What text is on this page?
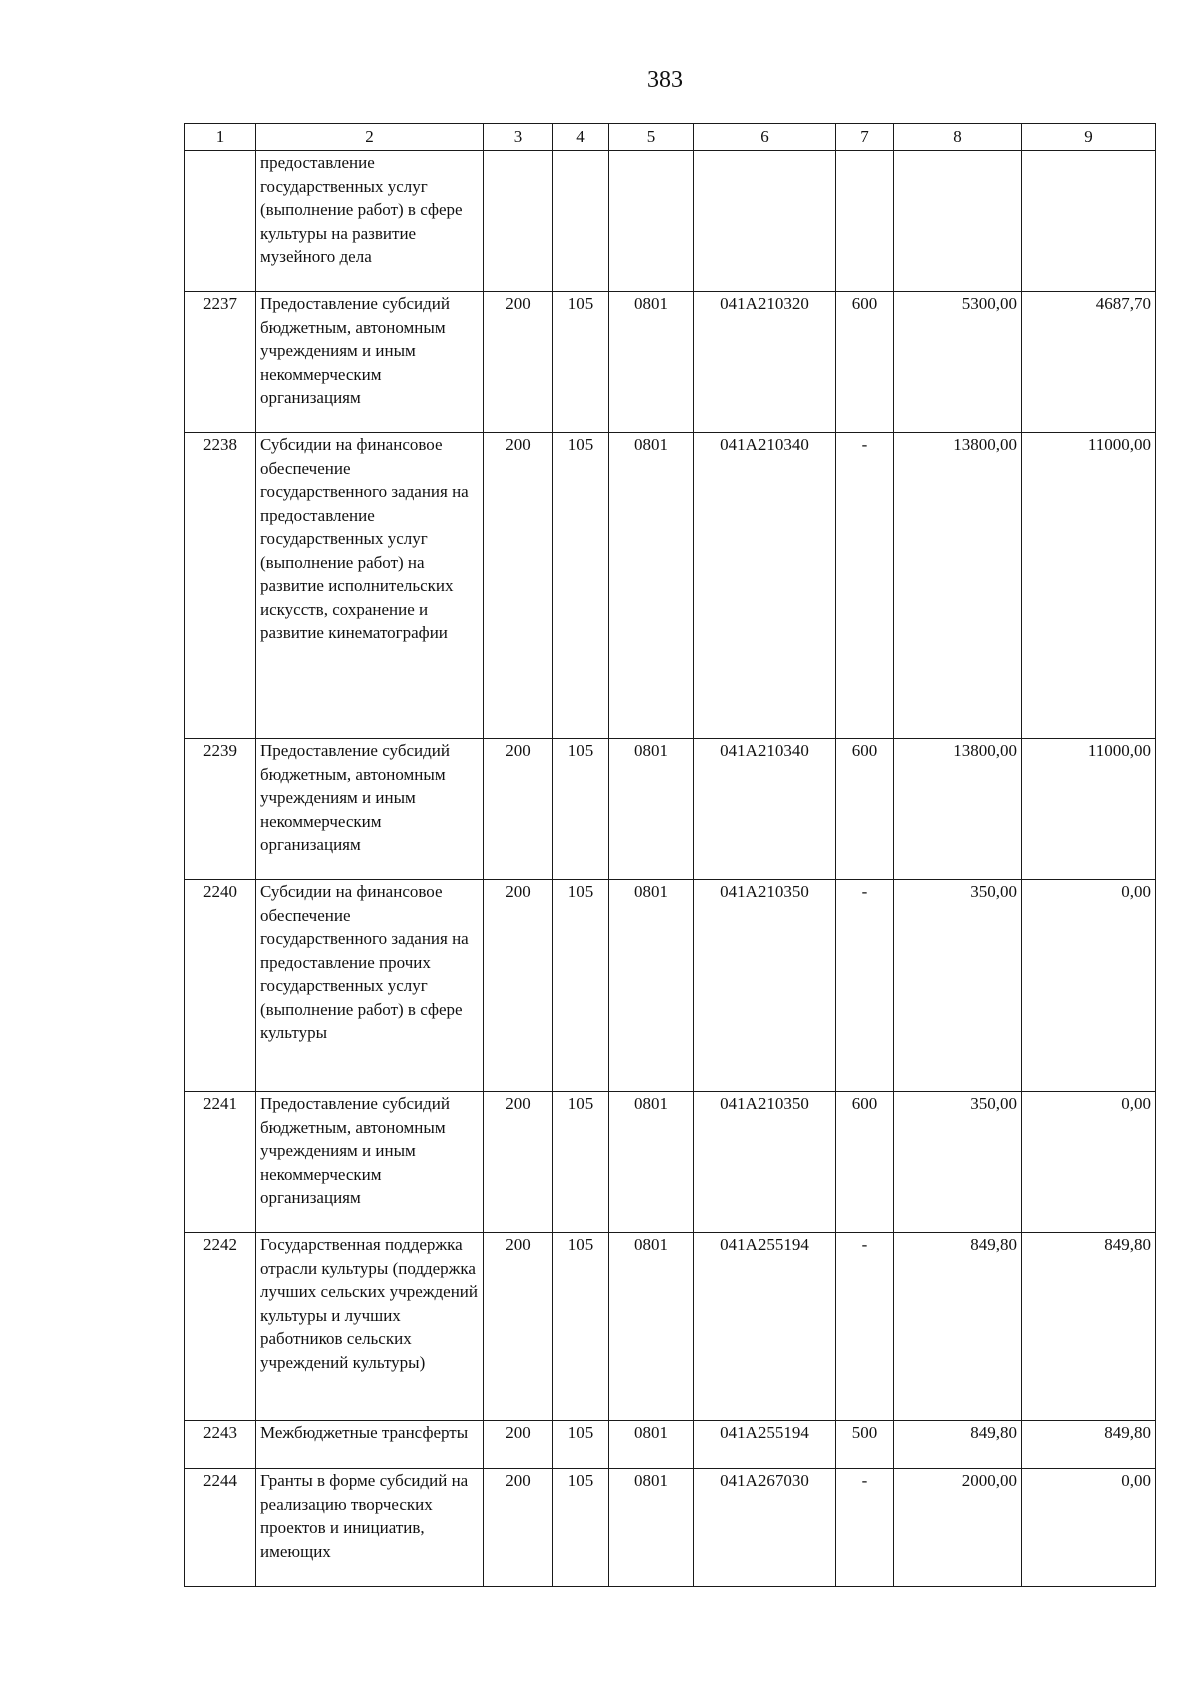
383
1	2	3	4	5	6	7	8	9
	предоставление государственных услуг (выполнение работ) в сфере культуры на развитие музейного дела							
2237	Предоставление субсидий бюджетным, автономным учреждениям и иным некоммерческим организациям	200	105	0801	041A210320	600	5300,00	4687,70
2238	Субсидии на финансовое обеспечение государственного задания на предоставление государственных услуг (выполнение работ) на развитие исполнительских искусств, сохранение и развитие кинематографии	200	105	0801	041A210340	-	13800,00	11000,00
2239	Предоставление субсидий бюджетным, автономным учреждениям и иным некоммерческим организациям	200	105	0801	041A210340	600	13800,00	11000,00
2240	Субсидии на финансовое обеспечение государственного задания на предоставление прочих государственных услуг (выполнение работ) в сфере культуры	200	105	0801	041A210350	-	350,00	0,00
2241	Предоставление субсидий бюджетным, автономным учреждениям и иным некоммерческим организациям	200	105	0801	041A210350	600	350,00	0,00
2242	Государственная поддержка отрасли культуры (поддержка лучших сельских учреждений культуры и лучших работников сельских учреждений культуры)	200	105	0801	041A255194	-	849,80	849,80
2243	Межбюджетные трансферты	200	105	0801	041A255194	500	849,80	849,80
2244	Гранты в форме субсидий на реализацию творческих проектов и инициатив, имеющих	200	105	0801	041A267030	-	2000,00	0,00
